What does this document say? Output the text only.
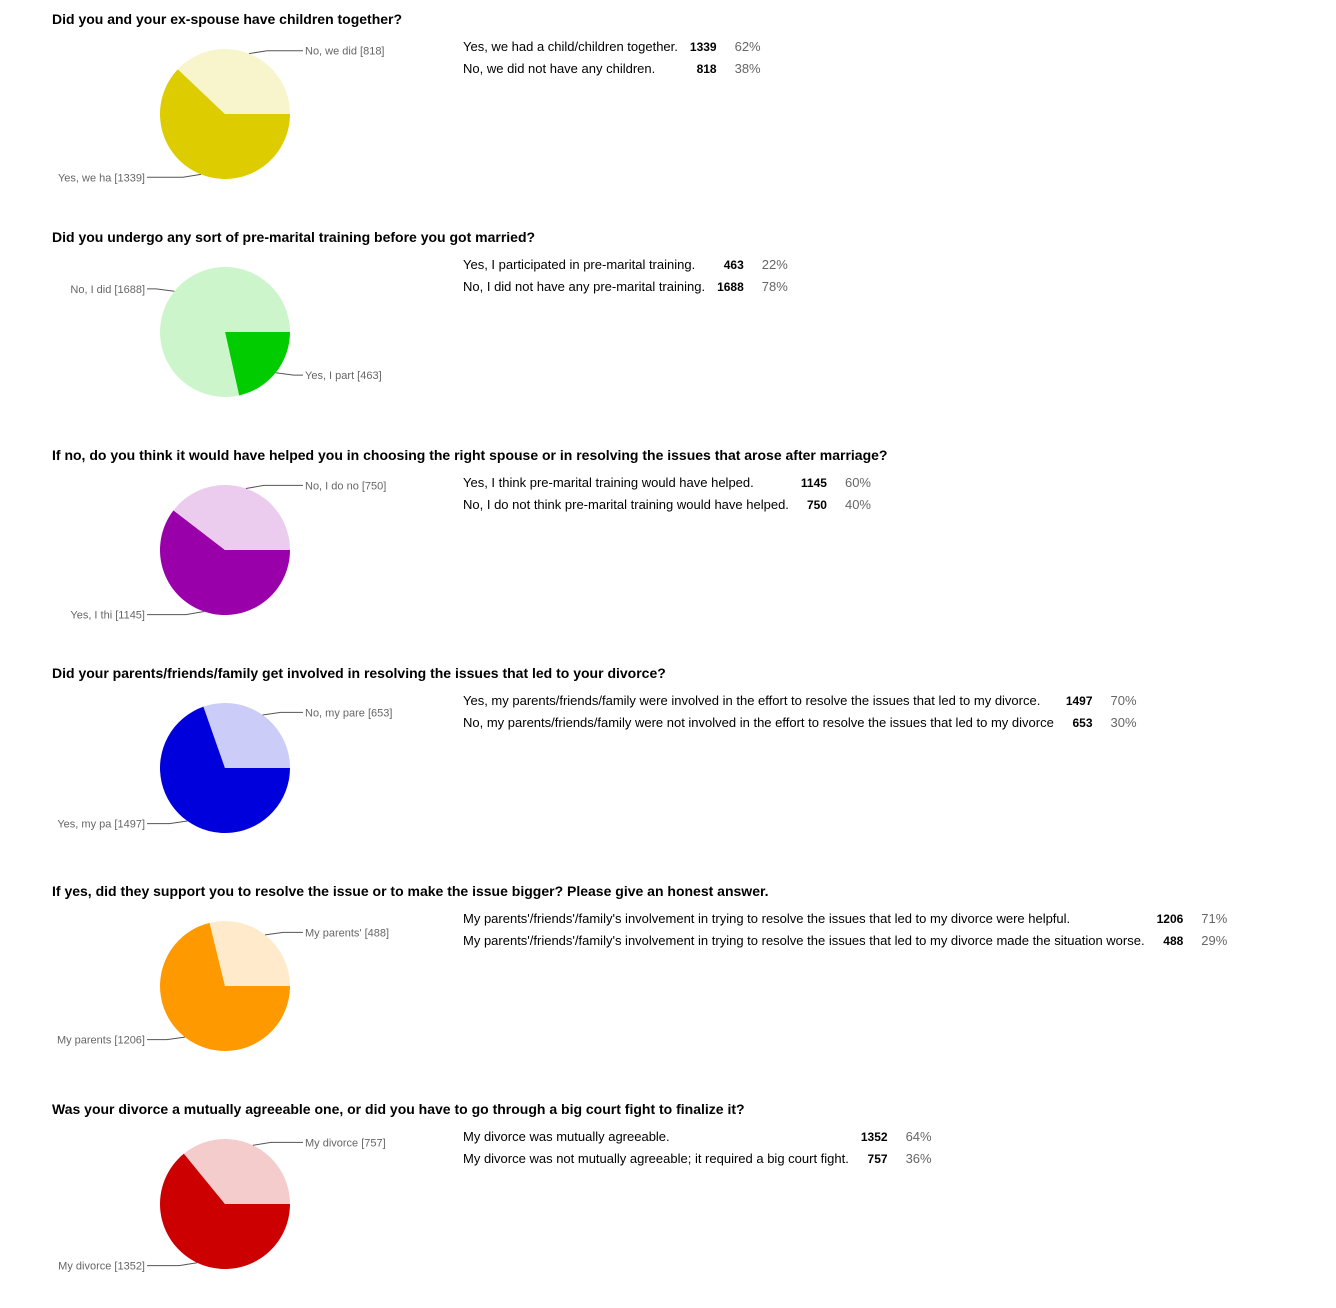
Did you and your ex-spouse have children together?
Yes, we ha [1339]
No, we did [818]	Yes, we had a child/children together.	1339	62%
No, we did not have any children.	818	38%
Did you undergo any sort of pre-marital training before you got married?
Yes, I part [463]
No, I did [1688]
Yes, I participated in pre-marital training.	463	22%
No, I did not have any pre-marital training.	1688	78%
If no, do you think it would have helped you in choosing the right spouse or in resolving the issues that arose after marriage?
Yes, I thi [1145]
No, I do no [750]	Yes, I think pre-marital training would have helped.	1145	60%
No, I do not think pre-marital training would have helped.	750	40%
Did your parents/friends/family get involved in resolving the issues that led to your divorce?
Yes, my pa [1497]
No, my pare [653]
Yes, my parents/friends/family were involved in the effort to resolve the issues that led to my divorce.	1497	70%
No, my parents/friends/family were not involved in the effort to resolve the issues that led to my divorce	653	30%
If yes, did they support you to resolve the issue or to make the issue bigger? Please give an honest answer.
My parents [1206]
My parents' [488]
My parents'/friends'/family's involvement in trying to resolve the issues that led to my divorce were helpful.	1206	71%
My parents'/friends'/family's involvement in trying to resolve the issues that led to my divorce made the situation worse.	488	29%
Was your divorce a mutually agreeable one, or did you have to go through a big court fight to finalize it?
My divorce [1352]
My divorce [757]	My divorce was mutually agreeable.	1352	64%
My divorce was not mutually agreeable; it required a big court fight.	757	36%
